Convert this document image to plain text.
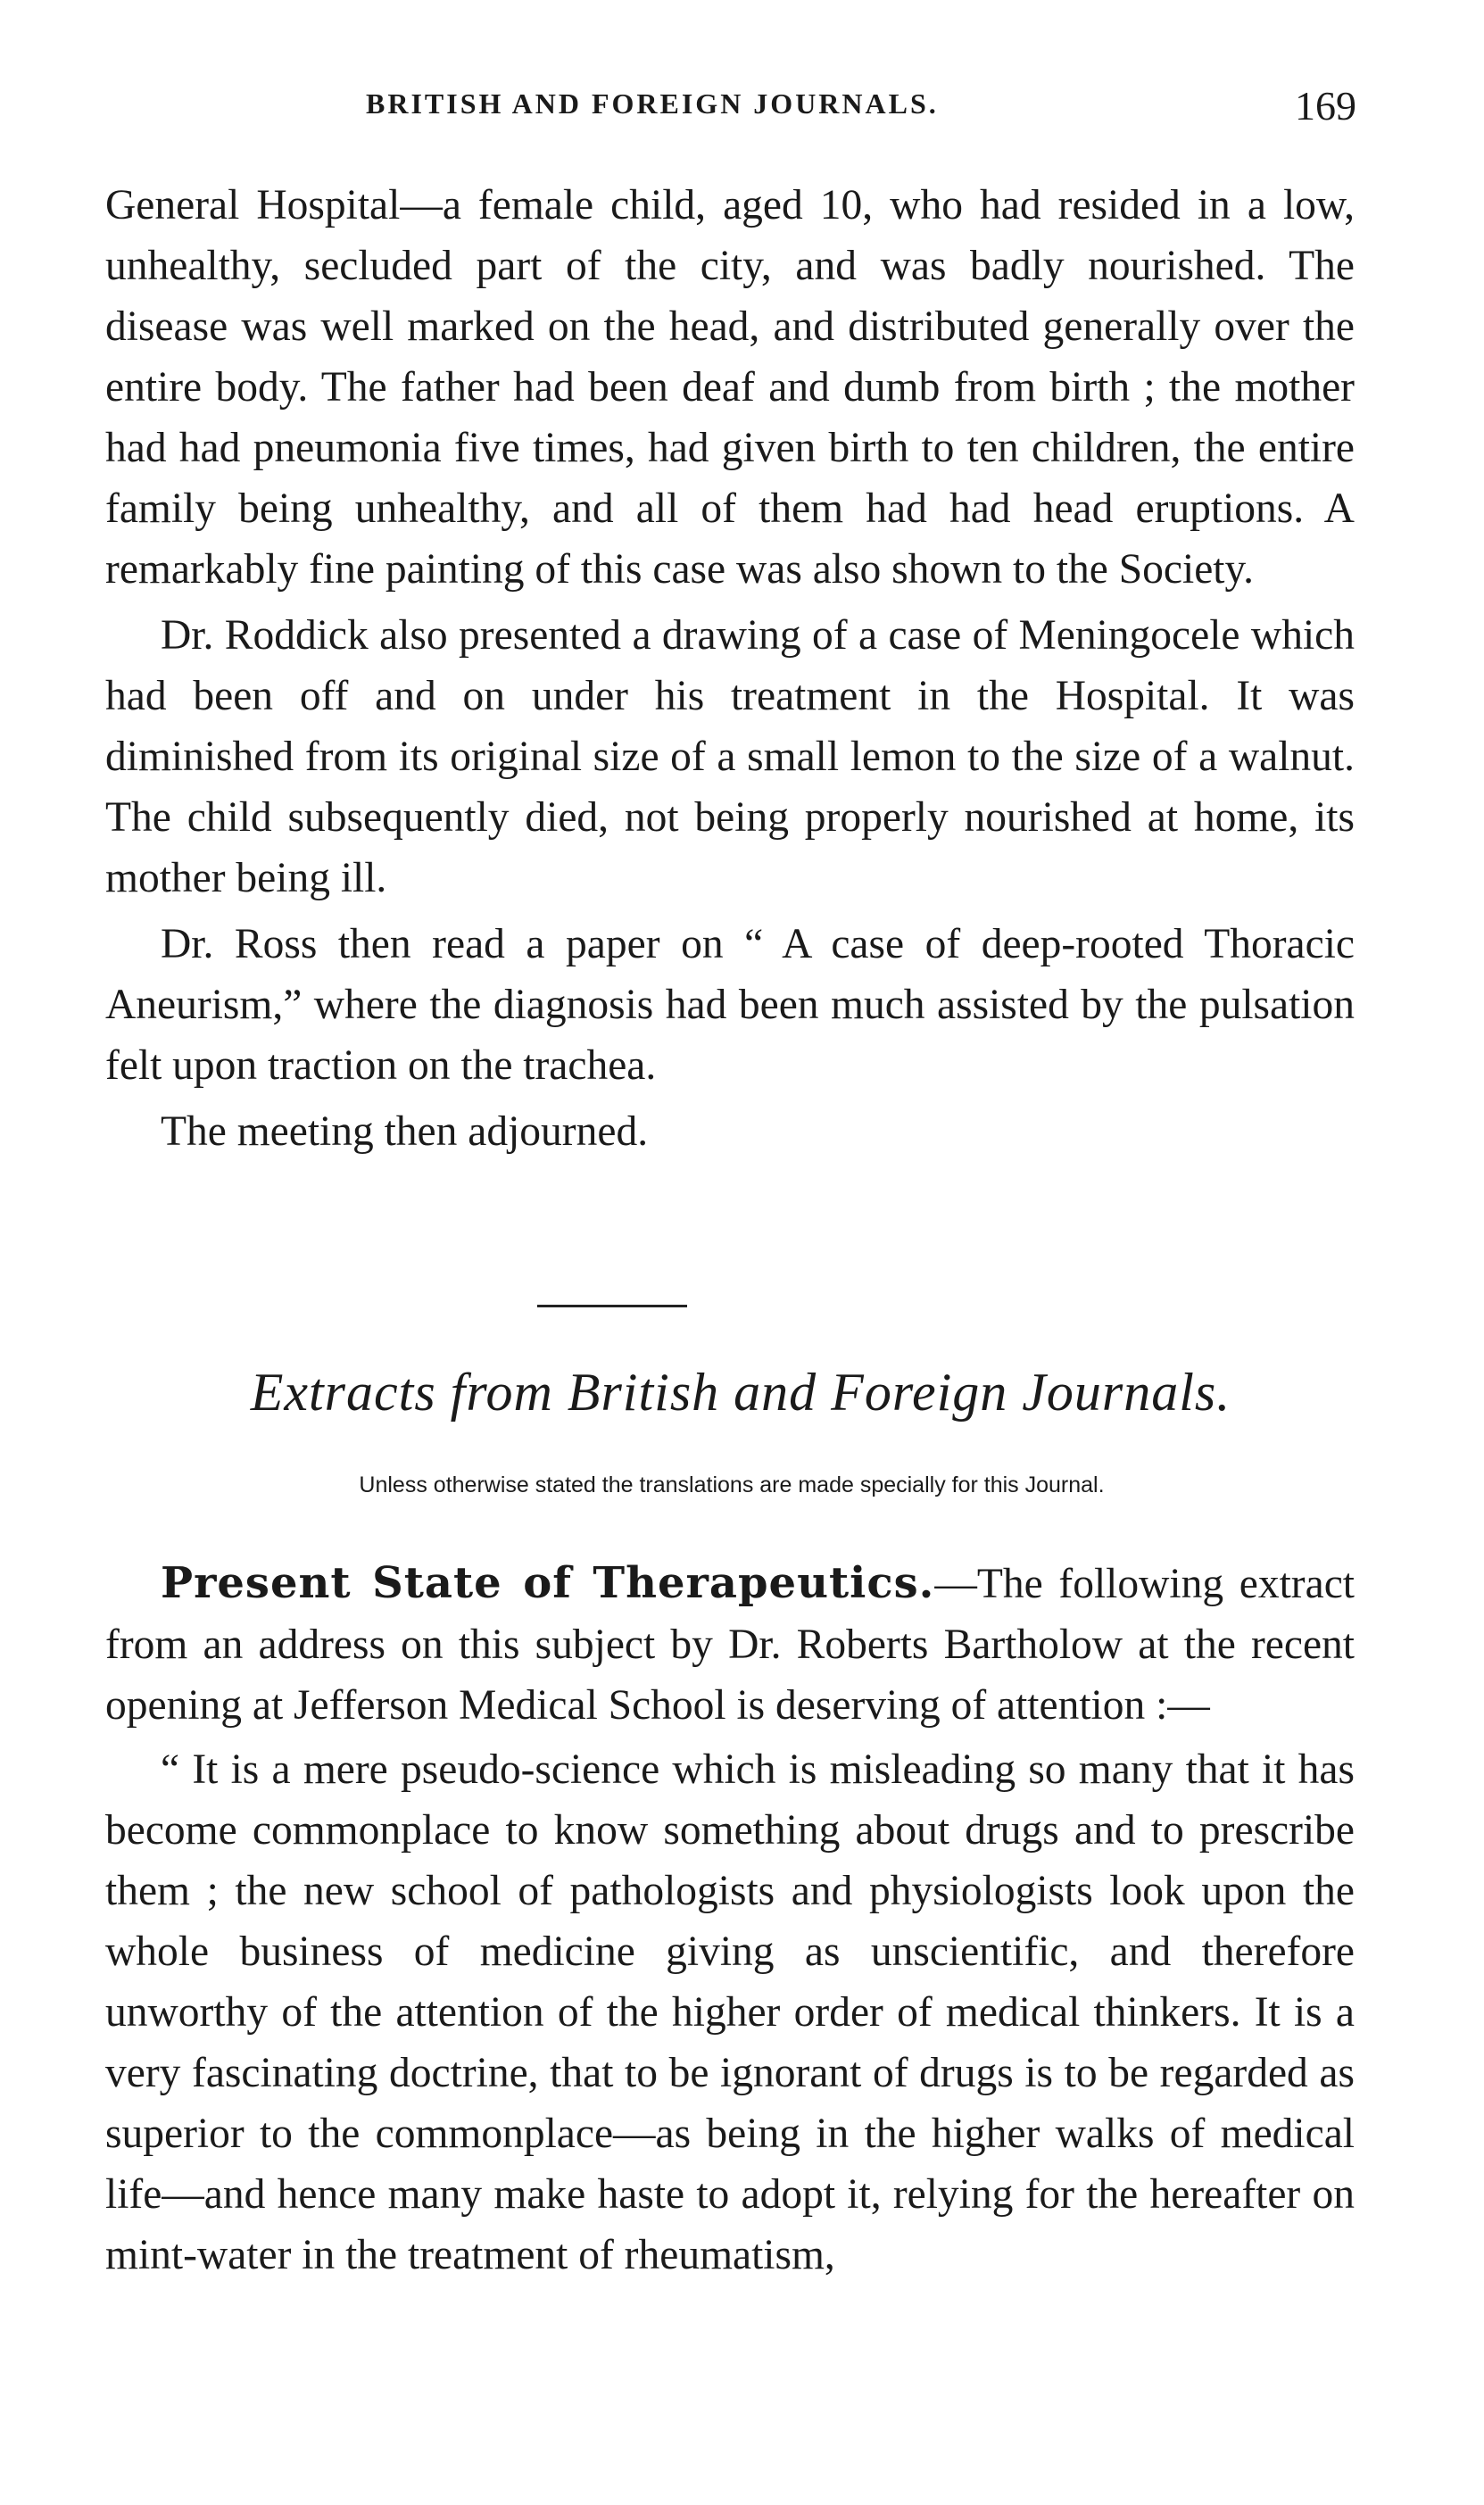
BRITISH AND FOREIGN JOURNALS.	169

General Hospital—a female child, aged 10, who had resided in a low, unhealthy, secluded part of the city, and was badly nourished. The disease was well marked on the head, and distributed generally over the entire body. The father had been deaf and dumb from birth ; the mother had had pneumonia five times, had given birth to ten children, the entire family being unhealthy, and all of them had had head eruptions. A remarkably fine painting of this case was also shown to the Society.

Dr. Roddick also presented a drawing of a case of Meningocele which had been off and on under his treatment in the Hospital. It was diminished from its original size of a small lemon to the size of a walnut. The child subsequently died, not being properly nourished at home, its mother being ill.

Dr. Ross then read a paper on “ A case of deep-rooted Thoracic Aneurism,” where the diagnosis had been much assisted by the pulsation felt upon traction on the trachea.

The meeting then adjourned.

Extracts from British and Foreign Journals.
Unless otherwise stated the translations are made specially for this Journal.

Present State of Therapeutics.—The following extract from an address on this subject by Dr. Roberts Bartholow at the recent opening at Jefferson Medical School is deserving of attention :—

“ It is a mere pseudo-science which is misleading so many that it has become commonplace to know something about drugs and to prescribe them ; the new school of pathologists and physiologists look upon the whole business of medicine giving as unscientific, and therefore unworthy of the attention of the higher order of medical thinkers. It is a very fascinating doctrine, that to be ignorant of drugs is to be regarded as superior to the commonplace—as being in the higher walks of medical life—and hence many make haste to adopt it, relying for the hereafter on mint-water in the treatment of rheumatism,
